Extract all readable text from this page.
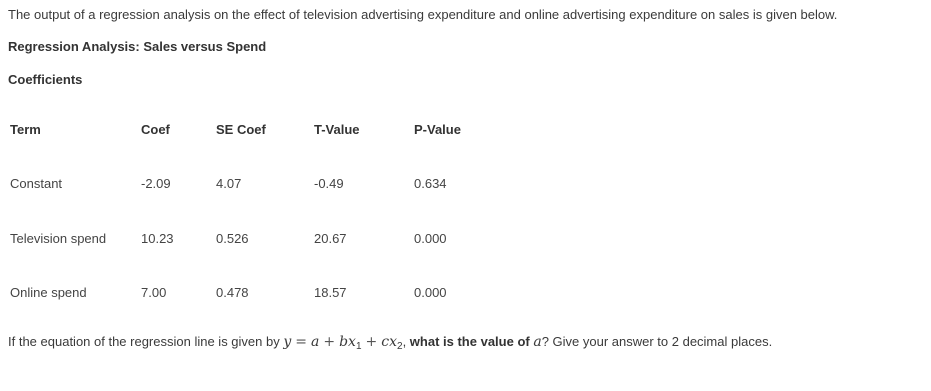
The output of a regression analysis on the effect of television advertising expenditure and online advertising expenditure on sales is given below.
Regression Analysis: Sales versus Spend
Coefficients
Term	Coef	SE Coef	T-Value	P-Value
Constant	-2.09	4.07	-0.49	0.634
Television spend	10.23	0.526	20.67	0.000
Online spend	7.00	0.478	18.57	0.000
If the equation of the regression line is given by $y = a + bx_1 + cx_2$, what is the value of a? Give your answer to 2 decimal places.
